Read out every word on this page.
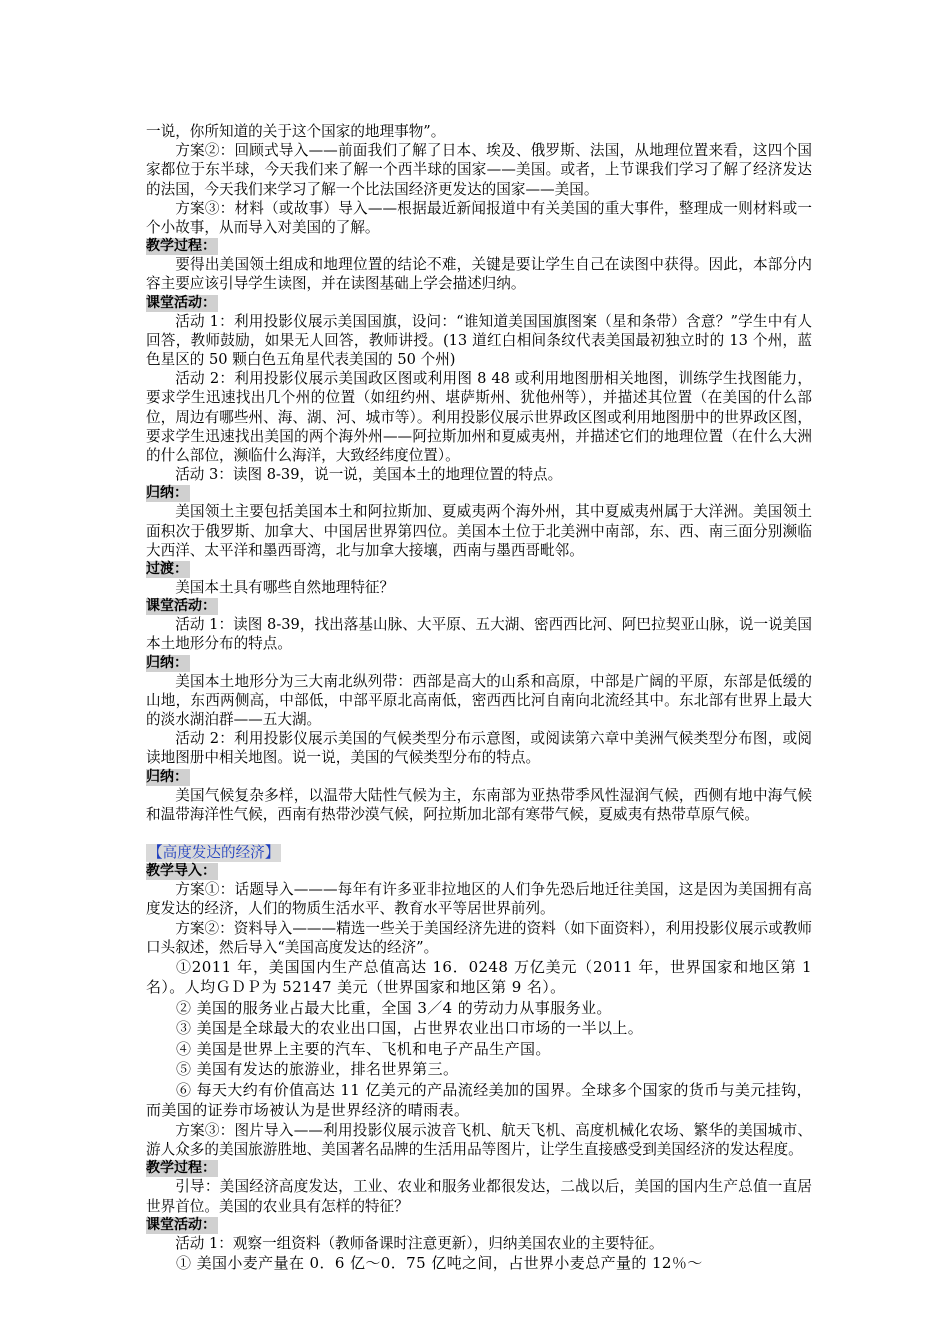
一说，你所知道的关于这个国家的地理事物”。

方案②：回顾式导入——前面我们了解了日本、埃及、俄罗斯、法国，从地理位置来看，这四个国家都位于东半球，今天我们来了解一个西半球的国家——美国。或者，上节课我们学习了解了经济发达的法国，今天我们来学习了解一个比法国经济更发达的国家——美国。

方案③：材料（或故事）导入——根据最近新闻报道中有关美国的重大事件，整理成一则材料或一个小故事，从而导入对美国的了解。

教学过程：

要得出美国领土组成和地理位置的结论不难，关键是要让学生自己在读图中获得。因此，本部分内容主要应该引导学生读图，并在读图基础上学会描述归纳。

课堂活动：

活动 1：利用投影仪展示美国国旗，设问：“谁知道美国国旗图案（星和条带）含意？”学生中有人回答，教师鼓励，如果无人回答，教师讲授。(13 道红白相间条纹代表美国最初独立时的 13 个州，蓝色星区的 50 颗白色五角星代表美国的 50 个州)

活动 2：利用投影仪展示美国政区图或利用图 8 48 或利用地图册相关地图，训练学生找图能力，要求学生迅速找出几个州的位置（如纽约州、堪萨斯州、犹他州等），并描述其位置（在美国的什么部位，周边有哪些州、海、湖、河、城市等）。利用投影仪展示世界政区图或利用地图册中的世界政区图，要求学生迅速找出美国的两个海外州——阿拉斯加州和夏威夷州，并描述它们的地理位置（在什么大洲的什么部位，濒临什么海洋，大致经纬度位置）。

活动 3：读图 8-39，说一说，美国本土的地理位置的特点。

归纳：

美国领土主要包括美国本土和阿拉斯加、夏威夷两个海外州，其中夏威夷州属于大洋洲。美国领土面积次于俄罗斯、加拿大、中国居世界第四位。美国本土位于北美洲中南部，东、西、南三面分别濒临大西洋、太平洋和墨西哥湾，北与加拿大接壤，西南与墨西哥毗邻。

过渡：

美国本土具有哪些自然地理特征？

课堂活动：

活动 1：读图 8-39，找出落基山脉、大平原、五大湖、密西西比河、阿巴拉契亚山脉，说一说美国本土地形分布的特点。

归纳：

美国本土地形分为三大南北纵列带：西部是高大的山系和高原，中部是广阔的平原，东部是低缓的山地，东西两侧高，中部低，中部平原北高南低，密西西比河自南向北流经其中。东北部有世界上最大的淡水湖泊群——五大湖。

活动 2：利用投影仪展示美国的气候类型分布示意图，或阅读第六章中美洲气候类型分布图，或阅读地图册中相关地图。说一说，美国的气候类型分布的特点。

归纳：

美国气候复杂多样，以温带大陆性气候为主，东南部为亚热带季风性湿润气候，西侧有地中海气候和温带海洋性气候，西南有热带沙漠气候，阿拉斯加北部有寒带气候，夏威夷有热带草原气候。

【高度发达的经济】

教学导入：

方案①：话题导入———每年有许多亚非拉地区的人们争先恐后地迁往美国，这是因为美国拥有高度发达的经济，人们的物质生活水平、教育水平等居世界前列。

方案②：资料导入———精选一些关于美国经济先进的资料（如下面资料），利用投影仪展示或教师口头叙述，然后导入“美国高度发达的经济”。

①2011 年，美国国内生产总值高达 16．0248 万亿美元（2011 年，世界国家和地区第 1 名）。人均ＧＤＰ为 52147 美元（世界国家和地区第 9 名）。

② 美国的服务业占最大比重，全国 3／4 的劳动力从事服务业。

③ 美国是全球最大的农业出口国，占世界农业出口市场的一半以上。

④ 美国是世界上主要的汽车、飞机和电子产品生产国。

⑤ 美国有发达的旅游业，排名世界第三。

⑥ 每天大约有价值高达 11 亿美元的产品流经美加的国界。全球多个国家的货币与美元挂钩，而美国的证券市场被认为是世界经济的晴雨表。

方案③：图片导入——利用投影仪展示波音飞机、航天飞机、高度机械化农场、繁华的美国城市、游人众多的美国旅游胜地、美国著名品牌的生活用品等图片，让学生直接感受到美国经济的发达程度。

教学过程：

引导：美国经济高度发达，工业、农业和服务业都很发达，二战以后，美国的国内生产总值一直居世界首位。美国的农业具有怎样的特征？

课堂活动：

活动 1：观察一组资料（教师备课时注意更新），归纳美国农业的主要特征。

① 美国小麦产量在 0．6 亿～0．75 亿吨之间，占世界小麦总产量的 12％～
